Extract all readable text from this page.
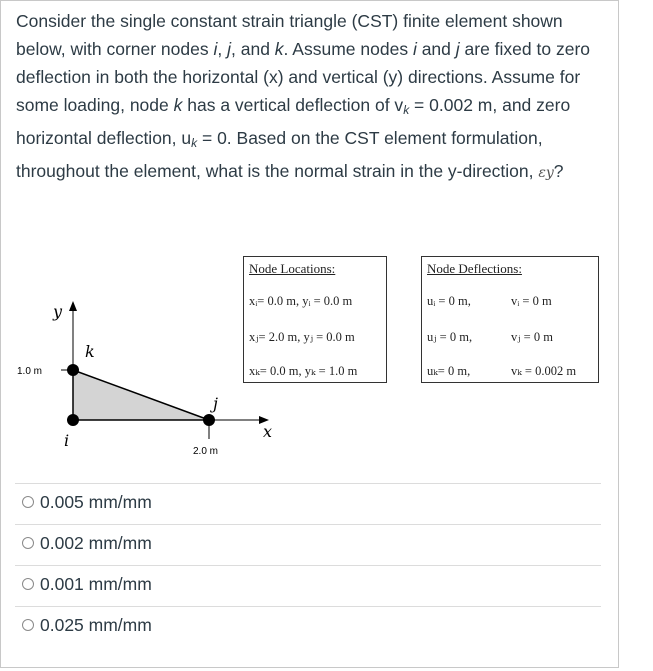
Consider the single constant strain triangle (CST) finite element shown below, with corner nodes i, j, and k. Assume nodes i and j are fixed to zero deflection in both the horizontal (x) and vertical (y) directions. Assume for some loading, node k has a vertical deflection of $v_k = 0.002$ m, and zero horizontal deflection, $u_k = 0$. Based on the CST element formulation, throughout the element, what is the normal strain in the y-direction, εy?
y
k
j
i	x
1.0 m
2.0 m
Node Locations:
xᵢ= 0.0 m, yᵢ = 0.0 m
xⱼ= 2.0 m, yⱼ = 0.0 m
xₖ= 0.0 m, yₖ = 1.0 m
Node Deflections:
uᵢ = 0 m,
uⱼ = 0 m,
uₖ= 0 m,
vᵢ = 0 m
vⱼ = 0 m
vₖ = 0.002 m
0.005 mm/mm
0.002 mm/mm
0.001 mm/mm
0.025 mm/mm
